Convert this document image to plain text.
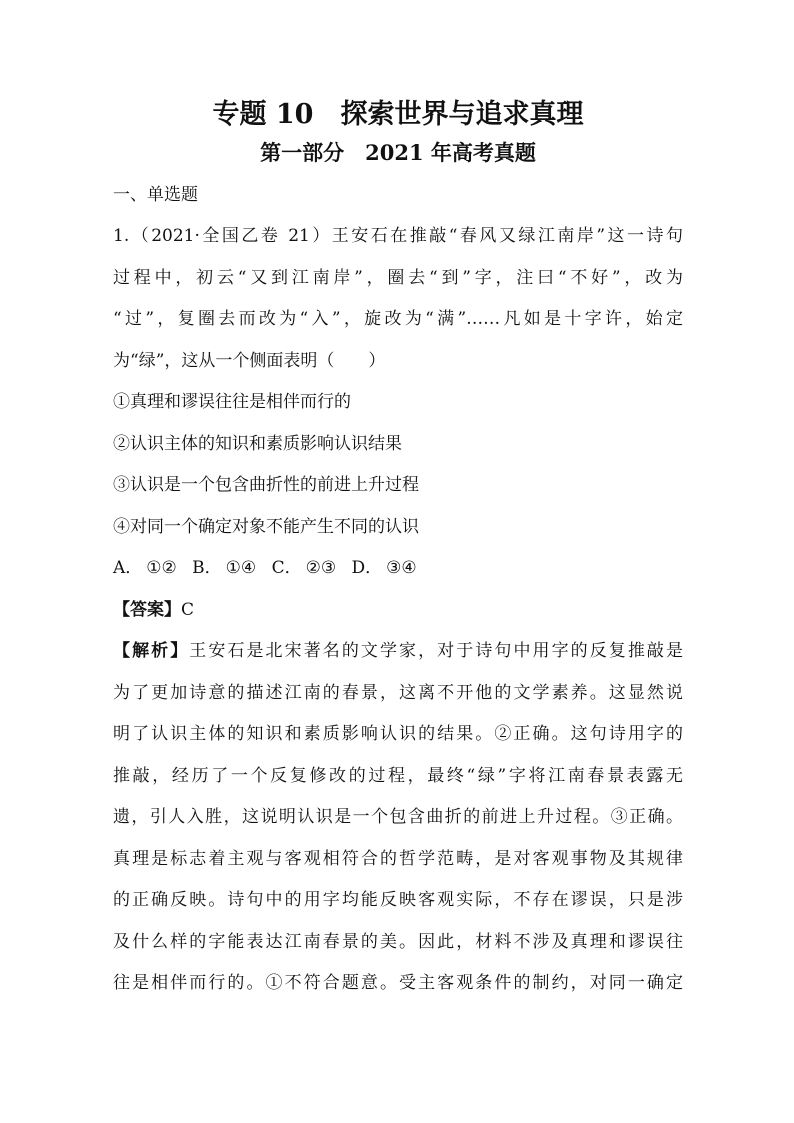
专题 10　探索世界与追求真理
第一部分　2021 年高考真题

一、单选题

1.（2021·全国乙卷 21）王安石在推敲“春风又绿江南岸”这一诗句

过程中，初云“又到江南岸”，圈去“到”字，注曰“不好”，改为

“过”，复圈去而改为“入”，旋改为“满”……凡如是十字许，始定

为“绿”，这从一个侧面表明（　　）

①真理和谬误往往是相伴而行的

②认识主体的知识和素质影响认识结果

③认识是一个包含曲折性的前进上升过程

④对同一个确定对象不能产生不同的认识

A． ①② B． ①④ C． ②③ D． ③④

【答案】C

【解析】王安石是北宋著名的文学家，对于诗句中用字的反复推敲是

为了更加诗意的描述江南的春景，这离不开他的文学素养。这显然说

明了认识主体的知识和素质影响认识的结果。②正确。这句诗用字的

推敲，经历了一个反复修改的过程，最终“绿”字将江南春景表露无

遗，引人入胜，这说明认识是一个包含曲折的前进上升过程。③正确。

真理是标志着主观与客观相符合的哲学范畴，是对客观事物及其规律

的正确反映。诗句中的用字均能反映客观实际，不存在谬误，只是涉

及什么样的字能表达江南春景的美。因此，材料不涉及真理和谬误往

往是相伴而行的。①不符合题意。受主客观条件的制约，对同一确定
